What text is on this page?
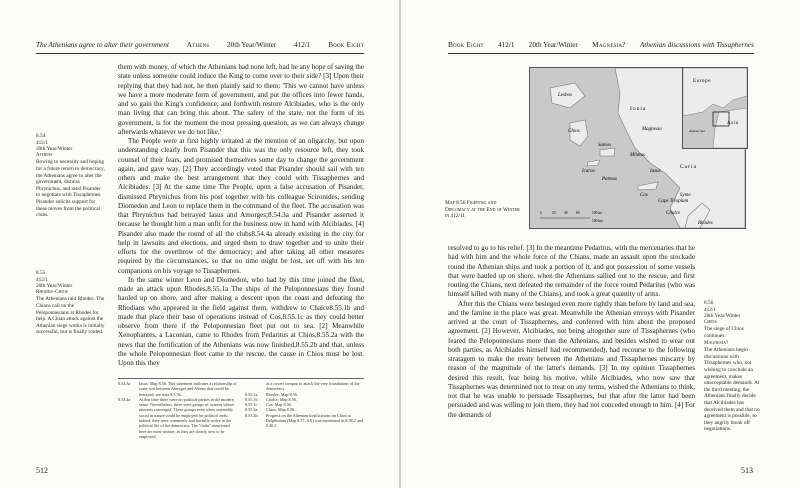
The Athenians agree to alter their government Athens 20th Year/Winter 412/1 Book Eight
8.54
412/1
20th Year/Winter
Athens
Bowing to necessity and hoping for a future return to democracy, the Athenians agree to alter the government, dismiss Phrynichus, and send Pisander to negotiate with Tissaphernes. Pisander solicits support for these moves from the political clubs.
8.55
412/1
20th Year/Winter
Rhodes–Chios
The Athenians raid Rhodes. The Chians call on the Peloponnesians at Rhodes for help. A Chian attack against the Athenian siege works is initially successful, but is finally routed.

them with money, of which the Athenians had none left, had he any hope of saving the state unless someone could induce the King to come over to their side? [3] Upon their replying that they had not, he then plainly said to them: 'This we cannot have unless we have a more moderate form of government, and put the offices into fewer hands, and so gain the King's confidence, and forthwith restore Alcibiades, who is the only man living that can bring this about. The safety of the state, not the form of its government, is for the moment the most pressing question, as we can always change afterwards whatever we do not like.'

The People were at first highly irritated at the mention of an oligarchy, but upon understanding clearly from Pisander that this was the only resource left, they took counsel of their fears, and promised themselves some day to change the government again, and gave way. [2] They accordingly voted that Pisander should sail with ten others and make the best arrangement that they could with Tissaphernes and Alcibiades. [3] At the same time The People, upon a false accusation of Pisander, dismissed Phrynichus from his post together with his colleague Scironides, sending Diomedon and Leon to replace them in the command of the fleet. The accusation was that Phrynichus had betrayed Iasus and Amorges;8.54.3a and Pisander asserted it because he thought him a man unfit for the business now in hand with Alcibiades. [4] Pisander also made the round of all the clubs8.54.4a already existing in the city for help in lawsuits and elections, and urged them to draw together and to unite their efforts for the overthrow of the democracy; and after taking all other measures required by the circumstances, so that no time might be lost, set off with his ten companions on his voyage to Tissaphernes.

In the same winter Leon and Diomedon, who had by this time joined the fleet, made an attack upon Rhodes.8.55.1a The ships of the Peloponnesians they found hauled up on shore, and after making a descent upon the coast and defeating the Rhodians who appeared in the field against them, withdrew to Chalce8.55.1b and made that place their base of operations instead of Cos,8.55.1c as they could better observe from there if the Peloponnesian fleet put out to sea. [2] Meanwhile Xenophantes, a Laconian, came to Rhodes from Pedaritus at Chios,8.55.2a with the news that the fortification of the Athenians was now finished,8.55.2b and that, unless the whole Peloponnesian fleet came to the rescue, the cause in Chios must be lost. Upon this they

8.54.3a	Iasus: Map 8.56. This statement indicates a relationship of some sort between Amorges and Athens that could be betrayed; see note 8.5.5b.
8.54.4a	At this time there were no political parties in the modern sense. Nevertheless, there were groups of citizens whose interests converged. These groups even when ostensibly social in nature could be employed for political ends; indeed, they were commonly and lawfully active in the political life of the democracy. The "clubs" mentioned here are most sinister, as they are clearly now to be employed
as a covert weapon to attack the very foundations of the democracy.
8.55.1a	Rhodes: Map 8.56.
8.55.1b	Chalce: Map 8.56.
8.55.1c	Cos: Map 8.56.
8.55.2a	Chios: Map 8.56.
8.55.2b	Progress on the Athenian fortifications on Chios at Delphinium (Map 8.57, AX) was mentioned in 8.38.2 and 8.40.3.
512
Book Eight 412/1 20th Year/Winter Magnesia? Athenian discussions with Tissaphernes

resolved to go to his relief. [3] In the meantime Pedaritus, with the mercenaries that he had with him and the whole force of the Chians, made an assault upon the stockade round the Athenian ships and took a portion of it, and got possession of some vessels that were hauled up on shore, when the Athenians sallied out to the rescue, and first routing the Chians, next defeated the remainder of the force round Pedaritus (who was himself killed with many of the Chians), and took a great quantity of arms.

After this the Chians were besieged even more tightly than before by land and sea, and the famine in the place was great. Meanwhile the Athenian envoys with Pisander arrived at the court of Tissaphernes, and conferred with him about the proposed agreement. [2] However, Alcibiades, not being altogether sure of Tissaphernes (who feared the Peloponnesians more than the Athenians, and besides wished to wear out both parties, as Alcibiades himself had recommended), had recourse to the following stratagem to make the treaty between the Athenians and Tissaphernes miscarry by reason of the magnitude of the latter's demands. [3] In my opinion Tissaphernes desired this result, fear being his motive, while Alcibiades, who now saw that Tissaphernes was determined not to treat on any terms, wished the Athenians to think, not that he was unable to persuade Tissaphernes, but that after the latter had been persuaded and was willing to join them, they had not conceded enough to him. [4] For the demands of

8.56
412/1
20th Year/Winter
Chios
The siege of Chios continues.
Magnesia?
The Athenians begin discussions with Tissaphernes who, not wishing to conclude an agreement, makes unacceptable demands. At the third meeting, the Athenians finally decide that Alcibiades has deceived them and that no agreement is possible, so they angrily break off negotiations.
513
Lesbos
Chios
Ionia
Magnesia
Samos
Miletus
Iasus
Icarus
Patmos
Caria
Cos
Cape Triopium
Syme
Chalce
Rhodes
0	20 40 60	100 mi
100 km
Europe
Asia
Aegean Sea
Map 8.56 Fighting and Diplomacy at the End of Winter in 412/11
